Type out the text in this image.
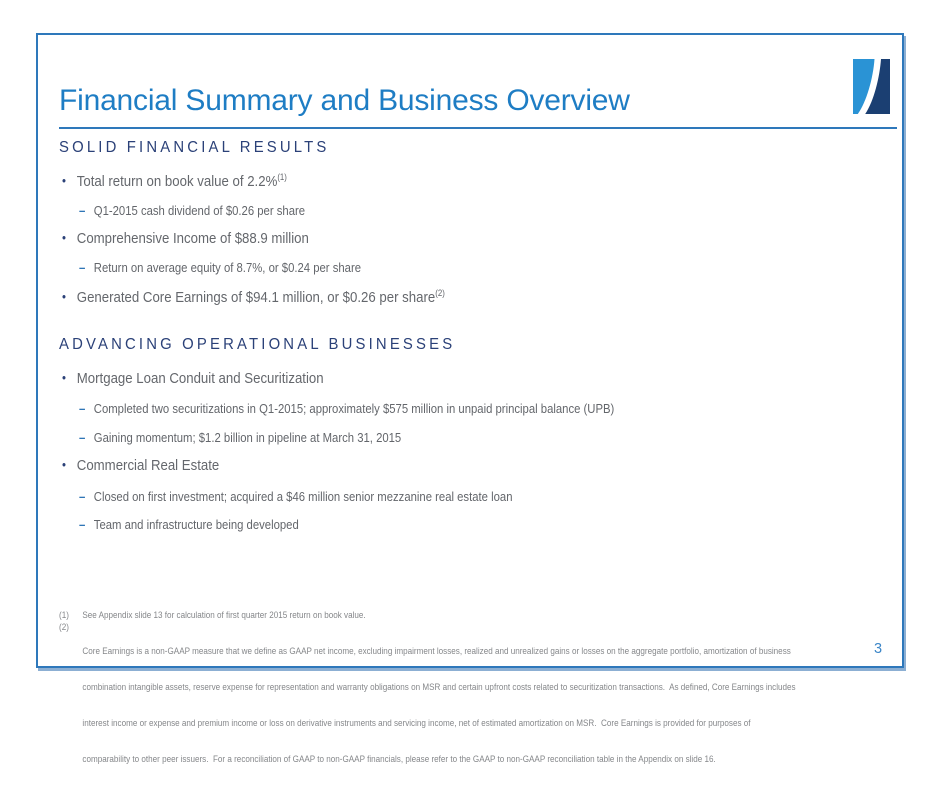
Financial Summary and Business Overview
SOLID FINANCIAL RESULTS
• Total return on book value of 2.2%$^{(1)}$
– Q1-2015 cash dividend of $0.26 per share
• Comprehensive Income of $88.9 million
– Return on average equity of 8.7%, or $0.24 per share
• Generated Core Earnings of $94.1 million, or $0.26 per share$^{(2)}$
ADVANCING OPERATIONAL BUSINESSES
• Mortgage Loan Conduit and Securitization
– Completed two securitizations in Q1-2015; approximately $575 million in unpaid principal balance (UPB)
– Gaining momentum; $1.2 billion in pipeline at March 31, 2015
• Commercial Real Estate
– Closed on first investment; acquired a $46 million senior mezzanine real estate loan
– Team and infrastructure being developed
(1)	See Appendix slide 13 for calculation of first quarter 2015 return on book value.
(2)

Core Earnings is a non-GAAP measure that we define as GAAP net income, excluding impairment losses, realized and unrealized gains or losses on the aggregate portfolio, amortization of business

combination intangible assets, reserve expense for representation and warranty obligations on MSR and certain upfront costs related to securitization transactions.  As defined, Core Earnings includes

interest income or expense and premium income or loss on derivative instruments and servicing income, net of estimated amortization on MSR.  Core Earnings is provided for purposes of

comparability to other peer issuers.  For a reconciliation of GAAP to non-GAAP financials, please refer to the GAAP to non-GAAP reconciliation table in the Appendix on slide 16.

3
